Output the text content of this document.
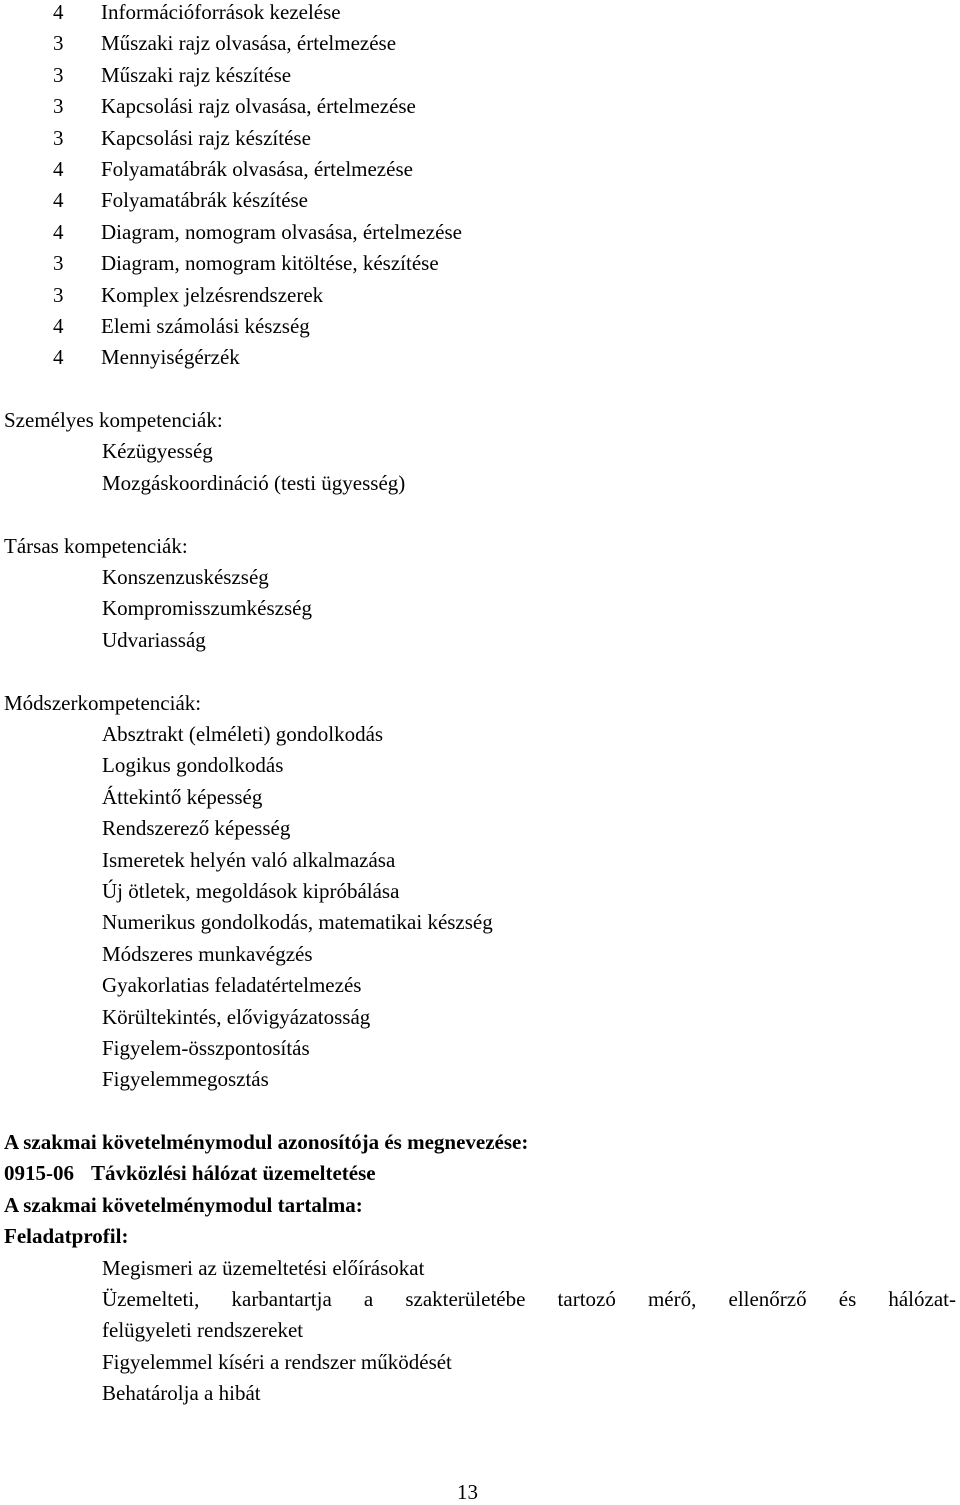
4	Információforrások kezelése
3	Műszaki rajz olvasása, értelmezése
3	Műszaki rajz készítése
3	Kapcsolási rajz olvasása, értelmezése
3	Kapcsolási rajz készítése
4	Folyamatábrák olvasása, értelmezése
4	Folyamatábrák készítése
4	Diagram, nomogram olvasása, értelmezése
3	Diagram, nomogram kitöltése, készítése
3	Komplex jelzésrendszerek
4	Elemi számolási készség
4	Mennyiségérzék
Személyes kompetenciák:
Kézügyesség
Mozgáskoordináció (testi ügyesség)
Társas kompetenciák:
Konszenzuskészség
Kompromisszumkészség
Udvariasság
Módszerkompetenciák:
Absztrakt (elméleti) gondolkodás
Logikus gondolkodás
Áttekintő képesség
Rendszerező képesség
Ismeretek helyén való alkalmazása
Új ötletek, megoldások kipróbálása
Numerikus gondolkodás, matematikai készség
Módszeres munkavégzés
Gyakorlatias feladatértelmezés
Körültekintés, elővigyázatosság
Figyelem-összpontosítás
Figyelemmegosztás
A szakmai követelménymodul azonosítója és megnevezése:
0915-06 Távközlési hálózat üzemeltetése
A szakmai követelménymodul tartalma:
Feladatprofil:
Megismeri az üzemeltetési előírásokat
Üzemelteti, karbantartja a szakterületébe tartozó mérő, ellenőrző és hálózat-
felügyeleti rendszereket
Figyelemmel kíséri a rendszer működését
Behatárolja a hibát
13
